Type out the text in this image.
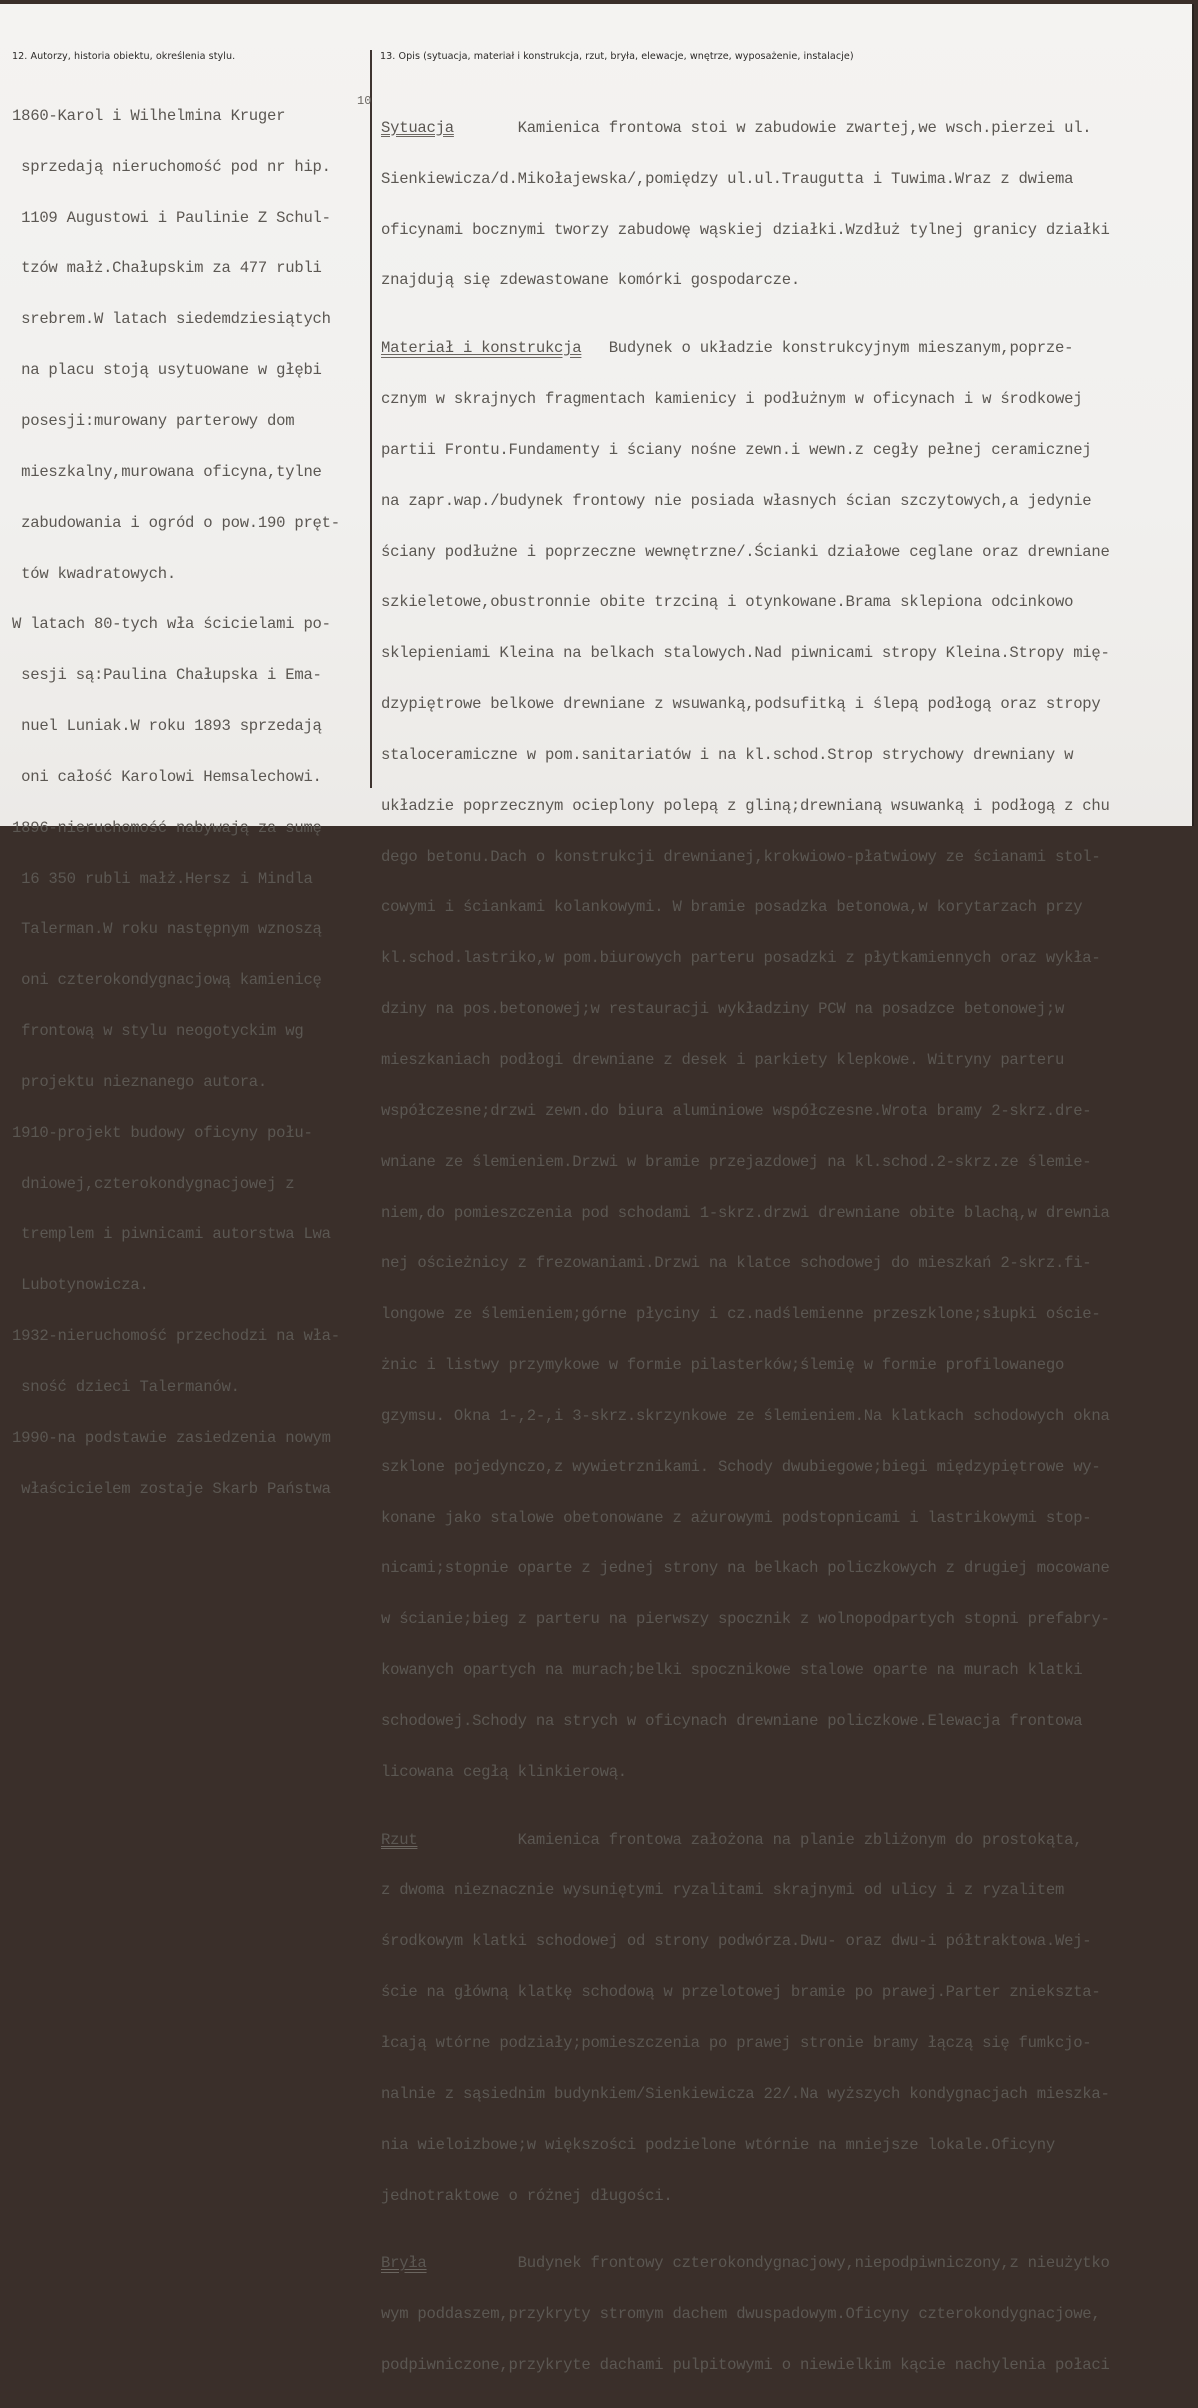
12. Autorzy, historia obiektu, określenia stylu.	13. Opis (sytuacja, materiał i konstrukcja, rzut, bryła, elewacje, wnętrze, wyposażenie, instalacje)
10

1860-Karol i Wilhelmina Kruger

sprzedają nieruchomość pod nr hip.

1109 Augustowi i Paulinie Z Schul-

tzów małż.Chałupskim za 477 rubli

srebrem.W latach siedemdziesiątych

na placu stoją usytuowane w głębi

posesji:murowany parterowy dom

mieszkalny,murowana oficyna,tylne

zabudowania i ogród o pow.190 pręt-

tów kwadratowych.

W latach 80-tych wła ścicielami po-

sesji są:Paulina Chałupska i Ema-

nuel Luniak.W roku 1893 sprzedają

oni całość Karolowi Hemsalechowi.

1896-nieruchomość nabywają za sumę

16 350 rubli małż.Hersz i Mindla

Talerman.W roku następnym wznoszą

oni czterokondygnacjową kamienicę

frontową w stylu neogotyckim wg

projektu nieznanego autora.

1910-projekt budowy oficyny połu-

dniowej,czterokondygnacjowej z

tremplem i piwnicami autorstwa Lwa

Lubotynowicza.

1932-nieruchomość przechodzi na wła-

sność dzieci Talermanów.

1990-na podstawie zasiedzenia nowym

właścicielem zostaje Skarb Państwa

Sytuacja       Kamienica frontowa stoi w zabudowie zwartej,we wsch.pierzei ul.

Sienkiewicza/d.Mikołajewska/,pomiędzy ul.ul.Traugutta i Tuwima.Wraz z dwiema

oficynami bocznymi tworzy zabudowę wąskiej działki.Wzdłuż tylnej granicy działki

znajdują się zdewastowane komórki gospodarcze.

Materiał i konstrukcja   Budynek o układzie konstrukcyjnym mieszanym,poprze-

cznym w skrajnych fragmentach kamienicy i podłużnym w oficynach i w środkowej

partii Frontu.Fundamenty i ściany nośne zewn.i wewn.z cegły pełnej ceramicznej

na zapr.wap./budynek frontowy nie posiada własnych ścian szczytowych,a jedynie

ściany podłużne i poprzeczne wewnętrzne/.Ścianki działowe ceglane oraz drewniane

szkieletowe,obustronnie obite trzciną i otynkowane.Brama sklepiona odcinkowo

sklepieniami Kleina na belkach stalowych.Nad piwnicami stropy Kleina.Stropy mię-

dzypiętrowe belkowe drewniane z wsuwanką,podsufitką i ślepą podłogą oraz stropy

staloceramiczne w pom.sanitariatów i na kl.schod.Strop strychowy drewniany w

układzie poprzecznym ocieplony polepą z gliną;drewnianą wsuwanką i podłogą z chu

dego betonu.Dach o konstrukcji drewnianej,krokwiowo-płatwiowy ze ścianami stol-

cowymi i ściankami kolankowymi. W bramie posadzka betonowa,w korytarzach przy

kl.schod.lastriko,w pom.biurowych parteru posadzki z płytkamiennych oraz wykła-

dziny na pos.betonowej;w restauracji wykładziny PCW na posadzce betonowej;w

mieszkaniach podłogi drewniane z desek i parkiety klepkowe. Witryny parteru

współczesne;drzwi zewn.do biura aluminiowe współczesne.Wrota bramy 2-skrz.dre-

wniane ze ślemieniem.Drzwi w bramie przejazdowej na kl.schod.2-skrz.ze ślemie-

niem,do pomieszczenia pod schodami 1-skrz.drzwi drewniane obite blachą,w drewnia

nej ościeżnicy z frezowaniami.Drzwi na klatce schodowej do mieszkań 2-skrz.fi-

longowe ze ślemieniem;górne płyciny i cz.nadślemienne przeszklone;słupki oście-

żnic i listwy przymykowe w formie pilasterków;ślemię w formie profilowanego

gzymsu. Okna 1-,2-,i 3-skrz.skrzynkowe ze ślemieniem.Na klatkach schodowych okna

szklone pojedynczo,z wywietrznikami. Schody dwubiegowe;biegi międzypiętrowe wy-

konane jako stalowe obetonowane z ażurowymi podstopnicami i lastrikowymi stop-

nicami;stopnie oparte z jednej strony na belkach policzkowych z drugiej mocowane

w ścianie;bieg z parteru na pierwszy spocznik z wolnopodpartych stopni prefabry-

kowanych opartych na murach;belki spocznikowe stalowe oparte na murach klatki

schodowej.Schody na strych w oficynach drewniane policzkowe.Elewacja frontowa

licowana cegłą klinkierową.

Rzut           Kamienica frontowa założona na planie zbliżonym do prostokąta,

z dwoma nieznacznie wysuniętymi ryzalitami skrajnymi od ulicy i z ryzalitem

środkowym klatki schodowej od strony podwórza.Dwu- oraz dwu-i półtraktowa.Wej-

ście na główną klatkę schodową w przelotowej bramie po prawej.Parter zniekszta-

łcają wtórne podziały;pomieszczenia po prawej stronie bramy łączą się fumkcjo-

nalnie z sąsiednim budynkiem/Sienkiewicza 22/.Na wyższych kondygnacjach mieszka-

nia wieloizbowe;w większości podzielone wtórnie na mniejsze lokale.Oficyny

jednotraktowe o różnej długości.

Bryła          Budynek frontowy czterokondygnacjowy,niepodpiwniczony,z nieużytko

wym poddaszem,przykryty stromym dachem dwuspadowym.Oficyny czterokondygnacjowe,

podpiwniczone,przykryte dachami pulpitowymi o niewielkim kącie nachylenia połaci
